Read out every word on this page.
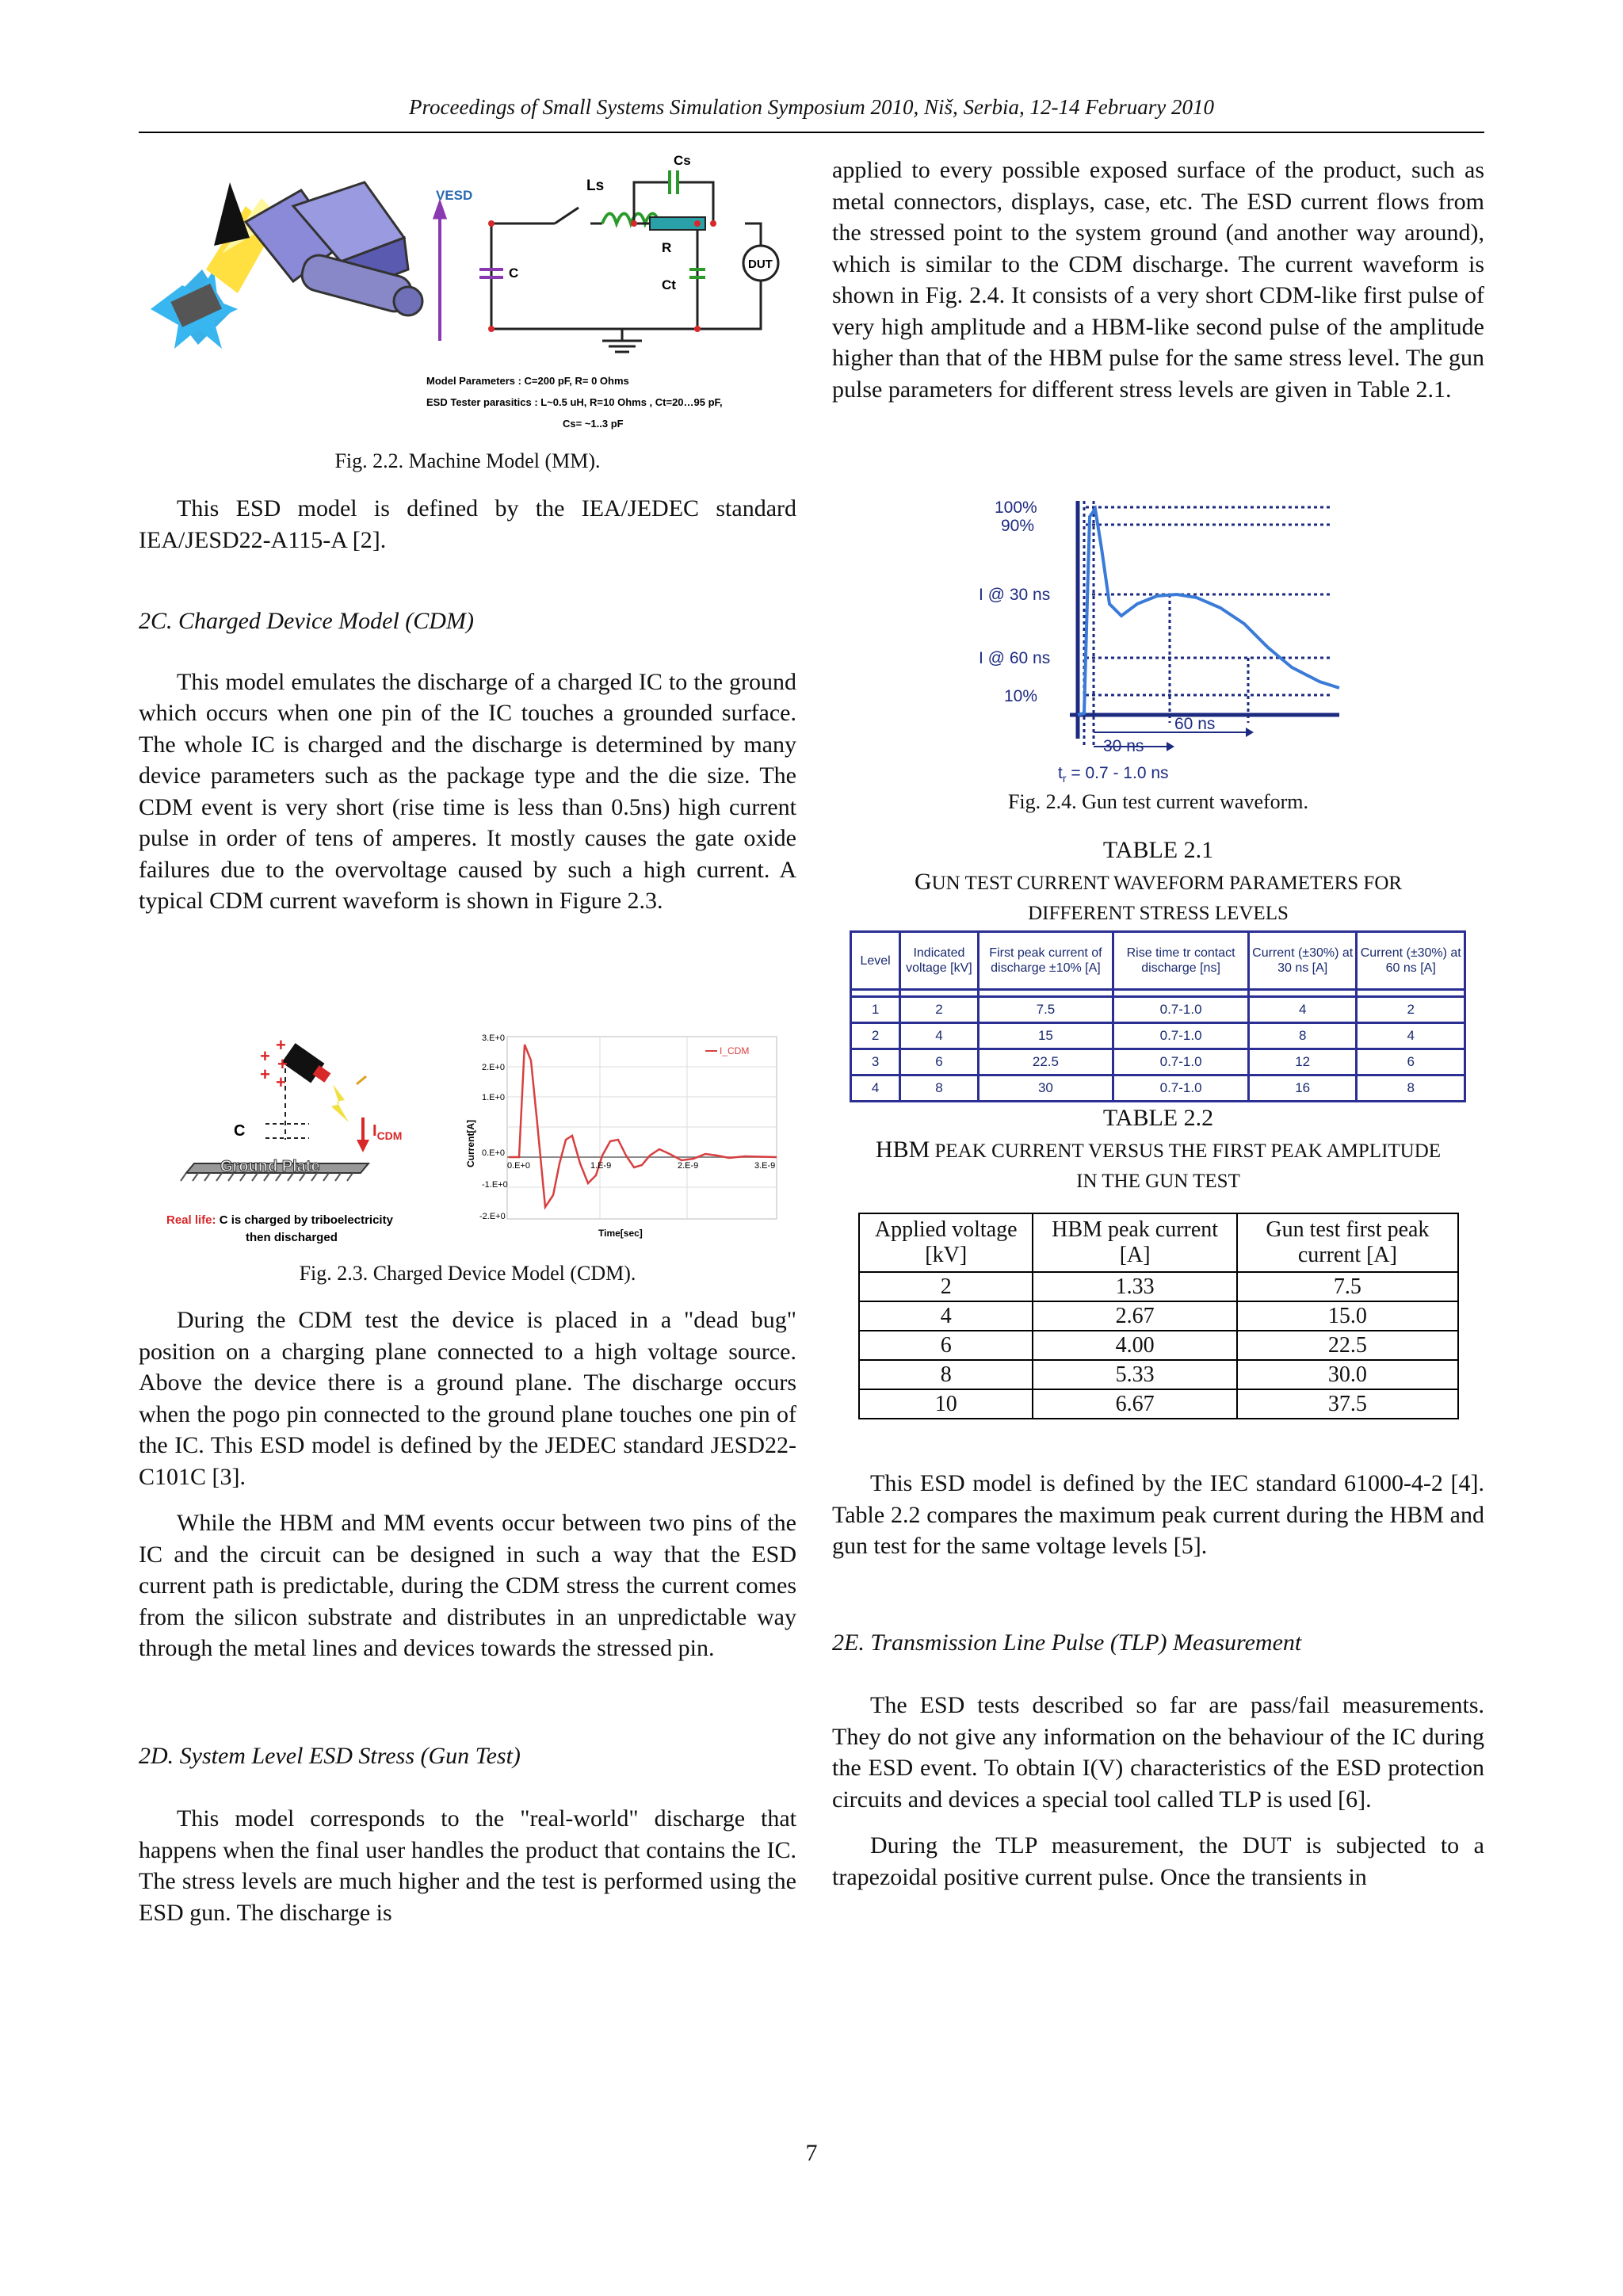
Proceedings of Small Systems Simulation Symposium 2010, Niš, Serbia, 12-14 February 2010
VESD
Ls
Cs
R
Ct
C
DUT
Model Parameters : C=200 pF, R= 0 Ohms
ESD Tester parasitics : L~0.5 uH, R=10 Ohms , Ct=20…95 pF,
Cs= ~1..3 pF
Fig. 2.2. Machine Model (MM).

This ESD model is defined by the IEA/JEDEC standard IEA/JESD22-A115-A [2].

2C. Charged Device Model (CDM)

This model emulates the discharge of a charged IC to the ground which occurs when one pin of the IC touches a grounded surface. The whole IC is charged and the discharge is determined by many device parameters such as the package type and the die size. The CDM event is very short (rise time is less than 0.5ns) high current pulse in order of tens of amperes. It mostly causes the gate oxide failures due to the overvoltage caused by such a high current. A typical CDM current waveform is shown in Figure 2.3.

+
+ +
+ +
C	$I_{CDM}$
Ground Plate
Real life: C is charged by triboelectricity
then discharged
I_CDM
3.E+0
2.E+0
1.E+0
0.E+0
-1.E+0
-2.E+0
0.E+0	1.E-9	2.E-9	3.E-9
Time[sec]
Current[A]
Fig. 2.3. Charged Device Model (CDM).

During the CDM test the device is placed in a "dead bug" position on a charging plane connected to a high voltage source. Above the device there is a ground plane. The discharge occurs when the pogo pin connected to the ground plane touches one pin of the IC. This ESD model is defined by the JEDEC standard JESD22-C101C [3].

While the HBM and MM events occur between two pins of the IC and the circuit can be designed in such a way that the ESD current path is predictable, during the CDM stress the current comes from the silicon substrate and distributes in an unpredictable way through the metal lines and devices towards the stressed pin.

2D. System Level ESD Stress (Gun Test)

This model corresponds to the "real-world" discharge that happens when the final user handles the product that contains the IC. The stress levels are much higher and the test is performed using the ESD gun. The discharge is

applied to every possible exposed surface of the product, such as metal connectors, displays, case, etc. The ESD current flows from the stressed point to the system ground (and another way around), which is similar to the CDM discharge. The current waveform is shown in Fig. 2.4. It consists of a very short CDM-like first pulse of very high amplitude and a HBM-like second pulse of the amplitude higher than that of the HBM pulse for the same stress level. The gun pulse parameters for different stress levels are given in Table 2.1.

100%
90%
I @ 30 ns
I @ 60 ns
10%
60 ns
30 ns
$t_r = 0.7 - 1.0$ ns
Fig. 2.4. Gun test current waveform.
TABLE 2.1
GUN TEST CURRENT WAVEFORM PARAMETERS FOR
DIFFERENT STRESS LEVELS
Level	Indicated voltage [kV]	First peak current of discharge ±10% [A]	Rise time tr contact discharge [ns]	Current (±30%) at 30 ns [A]	Current (±30%) at 60 ns [A]

1	2	7.5	0.7-1.0	4	2
2	4	15	0.7-1.0	8	4
3	6	22.5	0.7-1.0	12	6
4	8	30	0.7-1.0	16	8
TABLE 2.2
HBM PEAK CURRENT VERSUS THE FIRST PEAK AMPLITUDE
IN THE GUN TEST
Applied voltage [kV]	HBM peak current [A]	Gun test first peak current [A]
2	1.33	7.5
4	2.67	15.0
6	4.00	22.5
8	5.33	30.0
10	6.67	37.5

This ESD model is defined by the IEC standard 61000-4-2 [4]. Table 2.2 compares the maximum peak current during the HBM and gun test for the same voltage levels [5].

2E. Transmission Line Pulse (TLP) Measurement

The ESD tests described so far are pass/fail measurements. They do not give any information on the behaviour of the IC during the ESD event. To obtain I(V) characteristics of the ESD protection circuits and devices a special tool called TLP is used [6].

During the TLP measurement, the DUT is subjected to a trapezoidal positive current pulse. Once the transients in

7
